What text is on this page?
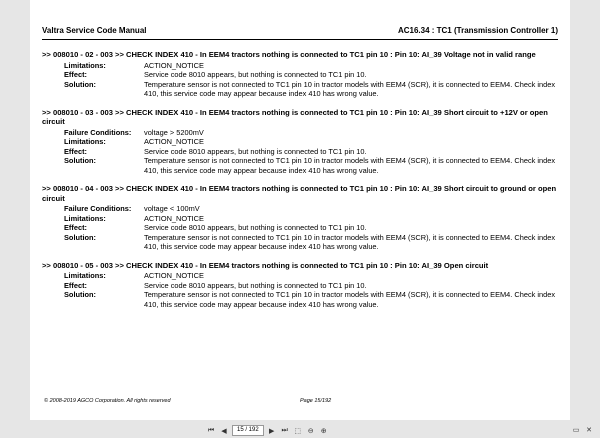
Valtra Service Code Manual	AC16.34 : TC1 (Transmission Controller 1)
>> 008010 - 02 - 003 >> CHECK INDEX 410 - In EEM4 tractors nothing is connected to TC1 pin 10 : Pin 10: AI_39 Voltage not in valid range
Limitations:	ACTION_NOTICE
Effect:	Service code 8010 appears, but nothing is connected to TC1 pin 10.
Solution:	Temperature sensor is not connected to TC1 pin 10 in tractor models with EEM4 (SCR), it is connected to EEM4. Check index 410, this service code may appear because index 410 has wrong value.
>> 008010 - 03 - 003 >> CHECK INDEX 410 - In EEM4 tractors nothing is connected to TC1 pin 10 : Pin 10: AI_39 Short circuit to +12V or open circuit
Failure Conditions:	voltage > 5200mV
Limitations:	ACTION_NOTICE
Effect:	Service code 8010 appears, but nothing is connected to TC1 pin 10.
Solution:	Temperature sensor is not connected to TC1 pin 10 in tractor models with EEM4 (SCR), it is connected to EEM4. Check index 410, this service code may appear because index 410 has wrong value.
>> 008010 - 04 - 003 >> CHECK INDEX 410 - In EEM4 tractors nothing is connected to TC1 pin 10 : Pin 10: AI_39 Short circuit to ground or open circuit
Failure Conditions:	voltage < 100mV
Limitations:	ACTION_NOTICE
Effect:	Service code 8010 appears, but nothing is connected to TC1 pin 10.
Solution:	Temperature sensor is not connected to TC1 pin 10 in tractor models with EEM4 (SCR), it is connected to EEM4. Check index 410, this service code may appear because index 410 has wrong value.
>> 008010 - 05 - 003 >> CHECK INDEX 410 - In EEM4 tractors nothing is connected to TC1 pin 10 : Pin 10: AI_39 Open circuit
Limitations:	ACTION_NOTICE
Effect:	Service code 8010 appears, but nothing is connected to TC1 pin 10.
Solution:	Temperature sensor is not connected to TC1 pin 10 in tractor models with EEM4 (SCR), it is connected to EEM4. Check index 410, this service code may appear because index 410 has wrong value.
© 2008-2019 AGCO Corporation. All rights reserved	Page 15/192
⏮	◀	15 / 192	▶	⏭ ⬚ ⊖ ⊕	▭ ✕
